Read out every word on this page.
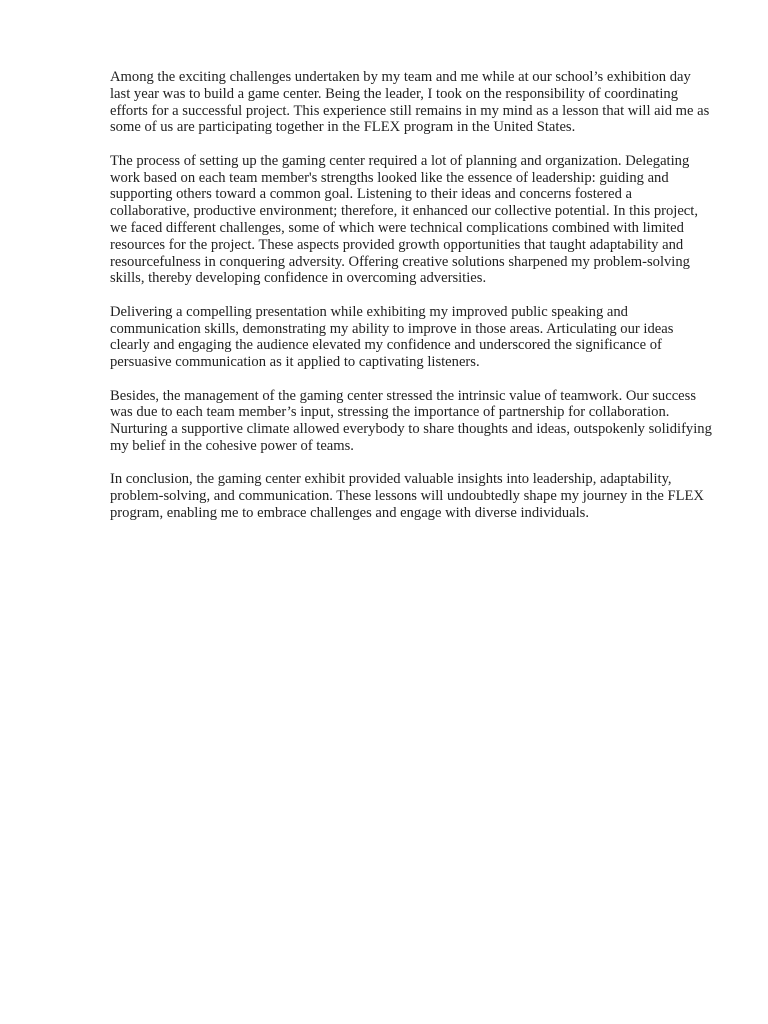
Among the exciting challenges undertaken by my team and me while at our school’s exhibition day last year was to build a game center. Being the leader, I took on the responsibility of coordinating efforts for a successful project. This experience still remains in my mind as a lesson that will aid me as some of us are participating together in the FLEX program in the United States.

The process of setting up the gaming center required a lot of planning and organization. Delegating work based on each team member's strengths looked like the essence of leadership: guiding and supporting others toward a common goal. Listening to their ideas and concerns fostered a collaborative, productive environment; therefore, it enhanced our collective potential. In this project, we faced different challenges, some of which were technical complications combined with limited resources for the project. These aspects provided growth opportunities that taught adaptability and resourcefulness in conquering adversity. Offering creative solutions sharpened my problem-solving skills, thereby developing confidence in overcoming adversities.

Delivering a compelling presentation while exhibiting my improved public speaking and communication skills, demonstrating my ability to improve in those areas. Articulating our ideas clearly and engaging the audience elevated my confidence and underscored the significance of persuasive communication as it applied to captivating listeners.

Besides, the management of the gaming center stressed the intrinsic value of teamwork. Our success was due to each team member’s input, stressing the importance of partnership for collaboration. Nurturing a supportive climate allowed everybody to share thoughts and ideas, outspokenly solidifying my belief in the cohesive power of teams.

In conclusion, the gaming center exhibit provided valuable insights into leadership, adaptability, problem-solving, and communication. These lessons will undoubtedly shape my journey in the FLEX program, enabling me to embrace challenges and engage with diverse individuals.
